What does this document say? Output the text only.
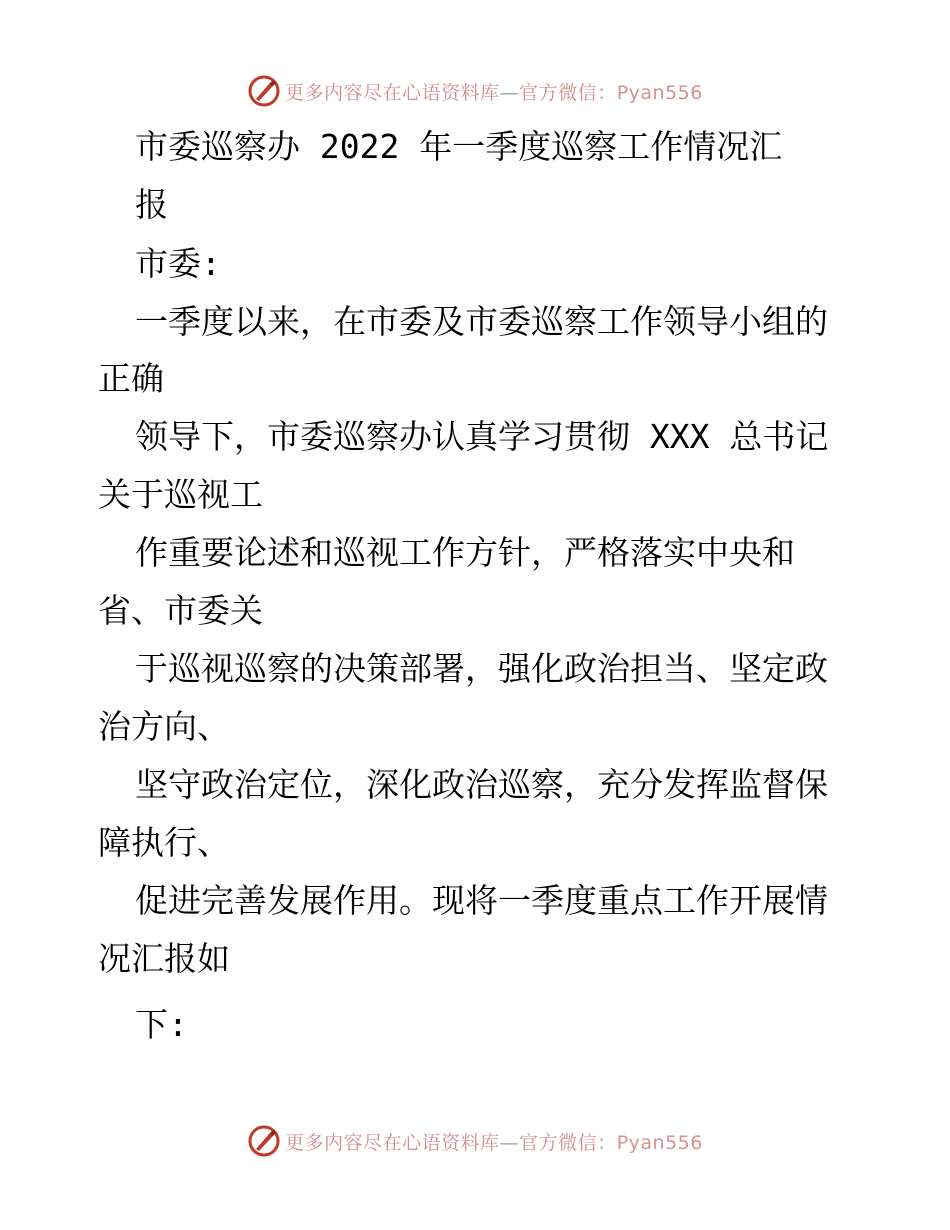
更多内容尽在心语资料库—官方微信：Pyan556
市委巡察办 2022 年一季度巡察工作情况汇
报
市委:
一季度以来，在市委及市委巡察工作领导小组的
正确
领导下，市委巡察办认真学习贯彻 XXX 总书记
关于巡视工
作重要论述和巡视工作方针，严格落实中央和
省、市委关
于巡视巡察的决策部署，强化政治担当、坚定政
治方向、
坚守政治定位，深化政治巡察，充分发挥监督保
障执行、
促进完善发展作用。现将一季度重点工作开展情
况汇报如
下:
更多内容尽在心语资料库—官方微信：Pyan556
